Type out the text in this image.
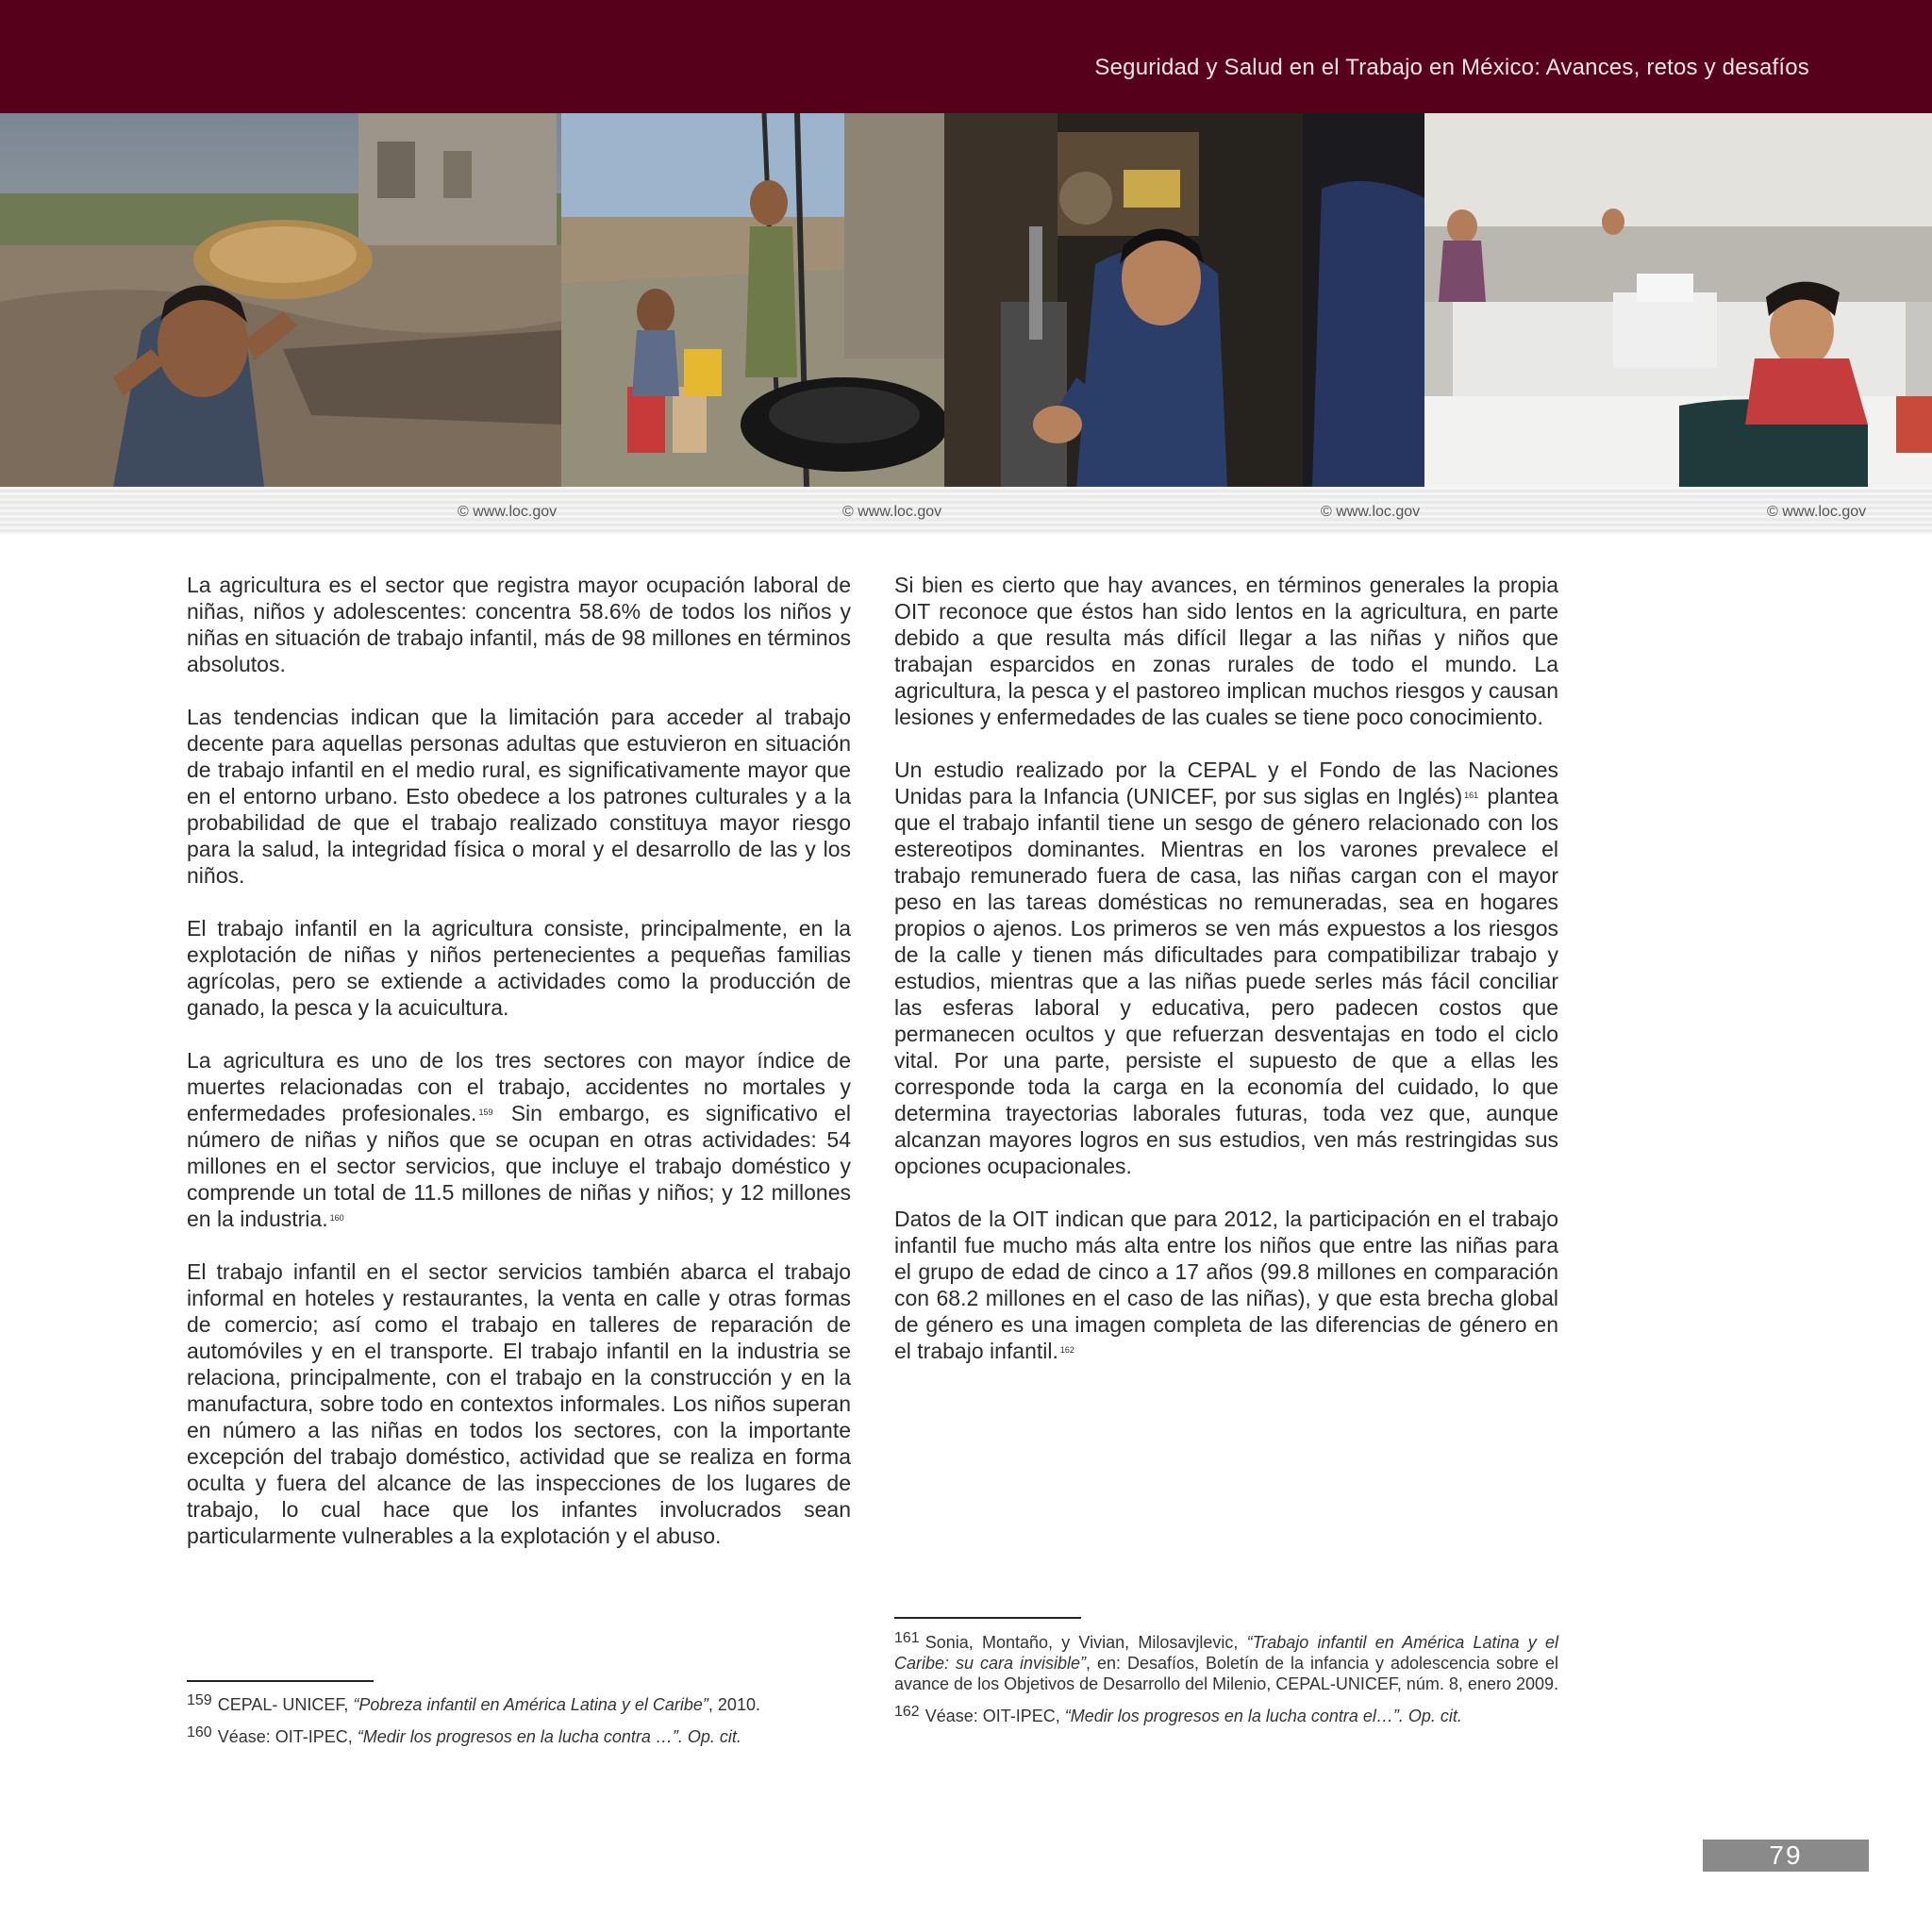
Seguridad y Salud en el Trabajo en México: Avances, retos y desafíos
© www.loc.gov	© www.loc.gov	© www.loc.gov	© www.loc.gov

La agricultura es el sector que registra mayor ocupación laboral de niñas, niños y adolescentes: concentra 58.6% de todos los niños y niñas en situación de trabajo infantil, más de 98 millones en términos absolutos.

Las tendencias indican que la limitación para acceder al trabajo decente para aquellas personas adultas que estuvieron en situación de trabajo infantil en el medio rural, es significativamente mayor que en el entorno urbano. Esto obedece a los patrones culturales y a la probabilidad de que el trabajo realizado constituya mayor riesgo para la salud, la integridad física o moral y el desarrollo de las y los niños.

El trabajo infantil en la agricultura consiste, principalmente, en la explotación de niñas y niños pertenecientes a pequeñas familias agrícolas, pero se extiende a actividades como la producción de ganado, la pesca y la acuicultura.

La agricultura es uno de los tres sectores con mayor índice de muertes relacionadas con el trabajo, accidentes no mortales y enfermedades profesionales. $^{159}$ Sin embargo, es significativo el número de niñas y niños que se ocupan en otras actividades: 54 millones en el sector servicios, que incluye el trabajo doméstico y comprende un total de 11.5 millones de niñas y niños; y 12 millones en la industria. $^{160}$

El trabajo infantil en el sector servicios también abarca el trabajo informal en hoteles y restaurantes, la venta en calle y otras formas de comercio; así como el trabajo en talleres de reparación de automóviles y en el transporte. El trabajo infantil en la industria se relaciona, principalmente, con el trabajo en la construcción y en la manufactura, sobre todo en contextos informales. Los niños superan en número a las niñas en todos los sectores, con la importante excepción del trabajo doméstico, actividad que se realiza en forma oculta y fuera del alcance de las inspecciones de los lugares de trabajo, lo cual hace que los infantes involucrados sean particularmente vulnerables a la explotación y el abuso.

Si bien es cierto que hay avances, en términos generales la propia OIT reconoce que éstos han sido lentos en la agricultura, en parte debido a que resulta más difícil llegar a las niñas y niños que trabajan esparcidos en zonas rurales de todo el mundo. La agricultura, la pesca y el pastoreo implican muchos riesgos y causan lesiones y enfermedades de las cuales se tiene poco conocimiento.

Un estudio realizado por la CEPAL y el Fondo de las Naciones Unidas para la Infancia (UNICEF, por sus siglas en Inglés) $^{161}$ plantea que el trabajo infantil tiene un sesgo de género relacionado con los estereotipos dominantes. Mientras en los varones prevalece el trabajo remunerado fuera de casa, las niñas cargan con el mayor peso en las tareas domésticas no remuneradas, sea en hogares propios o ajenos. Los primeros se ven más expuestos a los riesgos de la calle y tienen más dificultades para compatibilizar trabajo y estudios, mientras que a las niñas puede serles más fácil conciliar las esferas laboral y educativa, pero padecen costos que permanecen ocultos y que refuerzan desventajas en todo el ciclo vital. Por una parte, persiste el supuesto de que a ellas les corresponde toda la carga en la economía del cuidado, lo que determina trayectorias laborales futuras, toda vez que, aunque alcanzan mayores logros en sus estudios, ven más restringidas sus opciones ocupacionales.

Datos de la OIT indican que para 2012, la participación en el trabajo infantil fue mucho más alta entre los niños que entre las niñas para el grupo de edad de cinco a 17 años (99.8 millones en comparación con 68.2 millones en el caso de las niñas), y que esta brecha global de género es una imagen completa de las diferencias de género en el trabajo infantil. $^{162}$

159 CEPAL- UNICEF, “Pobreza infantil en América Latina y el Caribe”, 2010.
160 Véase: OIT-IPEC, “Medir los progresos en la lucha contra …”. Op. cit.
161 Sonia, Montaño, y Vivian, Milosavjlevic, “Trabajo infantil en América Latina y el Caribe: su cara invisible”, en: Desafíos, Boletín de la infancia y adolescencia sobre el avance de los Objetivos de Desarrollo del Milenio, CEPAL-UNICEF, núm. 8, enero 2009.
162 Véase: OIT-IPEC, “Medir los progresos en la lucha contra el…”. Op. cit.
79
